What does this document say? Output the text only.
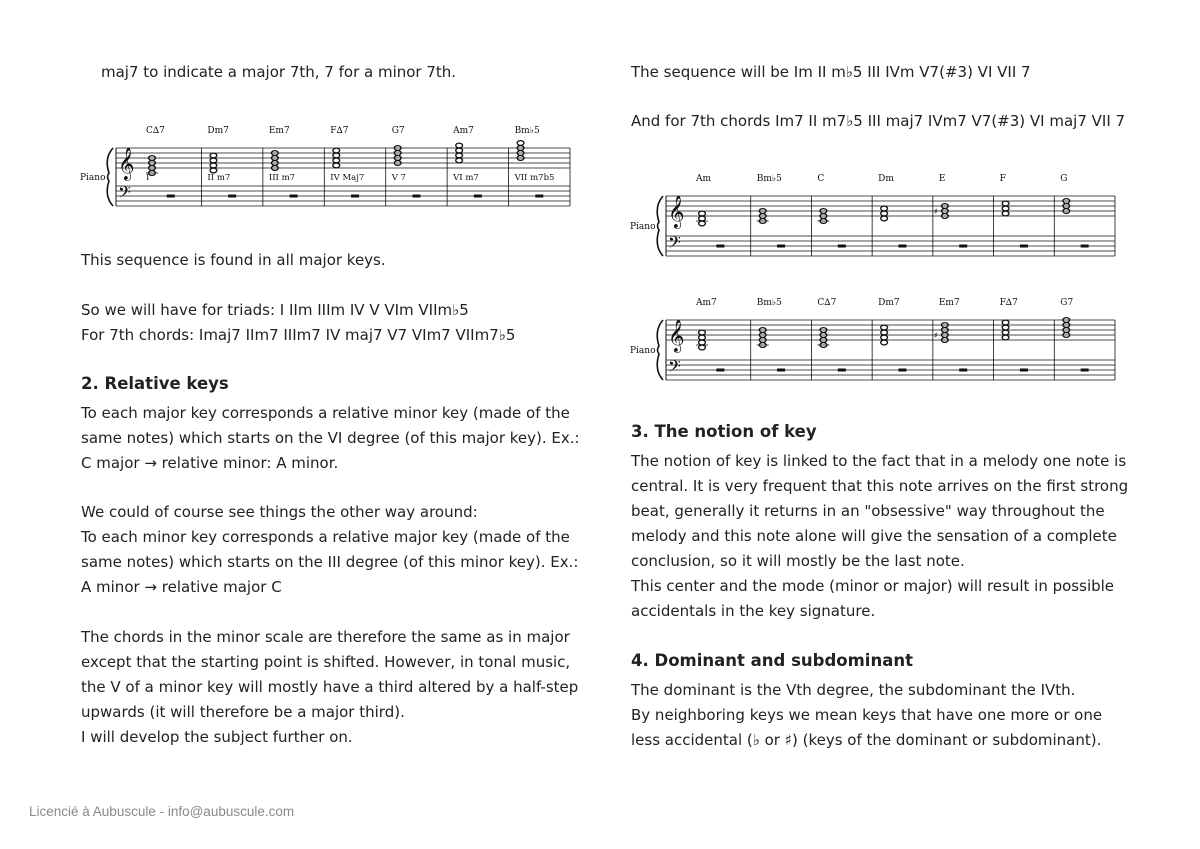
maj7 to indicate a major 7th, 7 for a minor 7th.

Piano 𝄞
𝄢
C∆7
I
Dm7
II m7
Em7
III m7
F∆7
IV Maj7
G7
V 7
Am7
VI m7
Bm♭5
VII m7b5

This sequence is found in all major keys.

So we will have for triads: I IIm IIIm IV V VIm VIIm♭5

For 7th chords: Imaj7 IIm7 IIIm7 IV maj7 V7 VIm7 VIIm7♭5

2. Relative keys
To each major key corresponds a relative minor key (made of the
same notes) which starts on the VI degree (of this major key). Ex.:
C major → relative minor: A minor.
We could of course see things the other way around:
To each minor key corresponds a relative major key (made of the
same notes) which starts on the III degree (of this minor key). Ex.:
A minor → relative major C
The chords in the minor scale are therefore the same as in major
except that the starting point is shifted. However, in tonal music,
the V of a minor key will mostly have a third altered by a half-step
upwards (it will therefore be a major third).
I will develop the subject further on.

The sequence will be Im II m♭5 III IVm V7(#3) VI VII 7

And for 7th chords Im7 II m7♭5 III maj7 IVm7 V7(#3) VI maj7 VII 7

Piano 𝄞
𝄢
Am	Bm♭5	C	Dm	E
♯
F	G
Piano 𝄞
𝄢
Am7	Bm♭5	C∆7	Dm7	Em7
♯
F∆7	G7
3. The notion of key
The notion of key is linked to the fact that in a melody one note is
central. It is very frequent that this note arrives on the first strong
beat, generally it returns in an "obsessive" way throughout the
melody and this note alone will give the sensation of a complete
conclusion, so it will mostly be the last note.
This center and the mode (minor or major) will result in possible
accidentals in the key signature.
4. Dominant and subdominant
The dominant is the Vth degree, the subdominant the IVth.
By neighboring keys we mean keys that have one more or one
less accidental (♭ or ♯) (keys of the dominant or subdominant).
Licencié à Aubuscule - info@aubuscule.com
